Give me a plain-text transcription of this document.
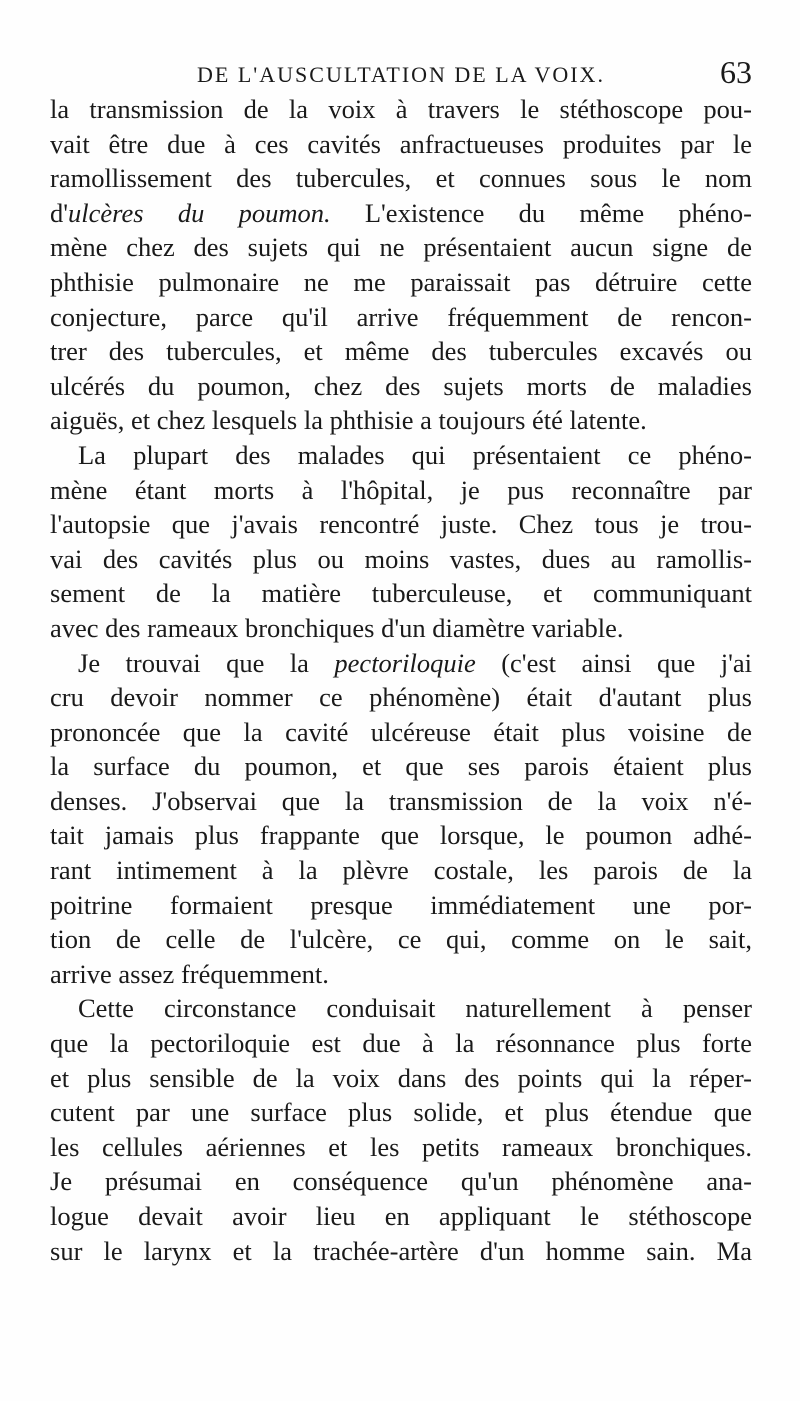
DE L'AUSCULTATION DE LA VOIX.	63
la transmission de la voix à travers le stéthoscope pou-
vait être due à ces cavités anfractueuses produites par le
ramollissement des tubercules, et connues sous le nom
d'ulcères du poumon. L'existence du même phéno-
mène chez des sujets qui ne présentaient aucun signe de
phthisie pulmonaire ne me paraissait pas détruire cette
conjecture, parce qu'il arrive fréquemment de rencon-
trer des tubercules, et même des tubercules excavés ou
ulcérés du poumon, chez des sujets morts de maladies
aiguës, et chez lesquels la phthisie a toujours été latente.
La plupart des malades qui présentaient ce phéno-
mène étant morts à l'hôpital, je pus reconnaître par
l'autopsie que j'avais rencontré juste. Chez tous je trou-
vai des cavités plus ou moins vastes, dues au ramollis-
sement de la matière tuberculeuse, et communiquant
avec des rameaux bronchiques d'un diamètre variable.
Je trouvai que la pectoriloquie (c'est ainsi que j'ai
cru devoir nommer ce phénomène) était d'autant plus
prononcée que la cavité ulcéreuse était plus voisine de
la surface du poumon, et que ses parois étaient plus
denses. J'observai que la transmission de la voix n'é-
tait jamais plus frappante que lorsque, le poumon adhé-
rant intimement à la plèvre costale, les parois de la
poitrine formaient presque immédiatement une por-
tion de celle de l'ulcère, ce qui, comme on le sait,
arrive assez fréquemment.
Cette circonstance conduisait naturellement à penser
que la pectoriloquie est due à la résonnance plus forte
et plus sensible de la voix dans des points qui la réper-
cutent par une surface plus solide, et plus étendue que
les cellules aériennes et les petits rameaux bronchiques.
Je présumai en conséquence qu'un phénomène ana-
logue devait avoir lieu en appliquant le stéthoscope
sur le larynx et la trachée-artère d'un homme sain. Ma
